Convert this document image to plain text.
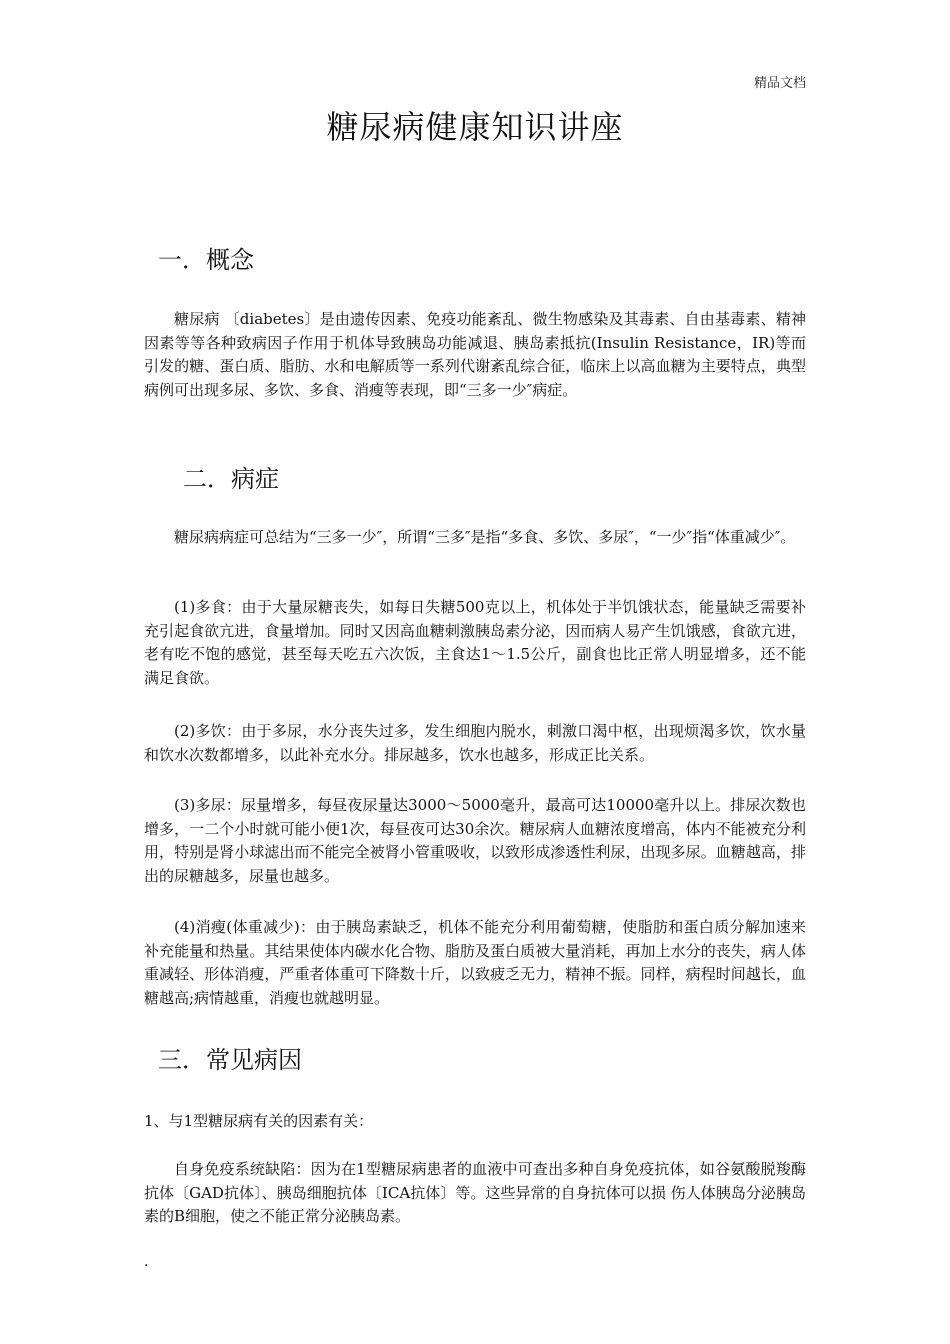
精品文档
糖尿病健康知识讲座
一．概念

糖尿病 〔diabetes〕是由遗传因素、免疫功能紊乱、微生物感染及其毒素、自由基毒素、精神因素等等各种致病因子作用于机体导致胰岛功能减退、胰岛素抵抗(Insulin Resistance，IR)等而引发的糖、蛋白质、脂肪、水和电解质等一系列代谢紊乱综合征，临床上以高血糖为主要特点，典型病例可出现多尿、多饮、多食、消瘦等表现，即“三多一少″病症。

二．病症

糖尿病病症可总结为“三多一少″，所谓“三多″是指“多食、多饮、多尿″，“一少″指“体重减少″。

(1)多食：由于大量尿糖丧失，如每日失糖500克以上，机体处于半饥饿状态，能量缺乏需要补充引起食欲亢进，食量增加。同时又因高血糖刺激胰岛素分泌，因而病人易产生饥饿感，食欲亢进，老有吃不饱的感觉，甚至每天吃五六次饭，主食达1～1.5公斤，副食也比正常人明显增多，还不能满足食欲。

(2)多饮：由于多尿，水分丧失过多，发生细胞内脱水，刺激口渴中枢，出现烦渴多饮，饮水量和饮水次数都增多，以此补充水分。排尿越多，饮水也越多，形成正比关系。

(3)多尿：尿量增多，每昼夜尿量达3000～5000毫升，最高可达10000毫升以上。排尿次数也增多，一二个小时就可能小便1次，每昼夜可达30余次。糖尿病人血糖浓度增高，体内不能被充分利用，特别是肾小球滤出而不能完全被肾小管重吸收，以致形成渗透性利尿，出现多尿。血糖越高，排出的尿糖越多，尿量也越多。

(4)消瘦(体重减少)：由于胰岛素缺乏，机体不能充分利用葡萄糖，使脂肪和蛋白质分解加速来补充能量和热量。其结果使体内碳水化合物、脂肪及蛋白质被大量消耗，再加上水分的丧失，病人体重减轻、形体消瘦，严重者体重可下降数十斤，以致疲乏无力，精神不振。同样，病程时间越长，血糖越高;病情越重，消瘦也就越明显。

三．常见病因

1、与1型糖尿病有关的因素有关：

自身免疫系统缺陷：因为在1型糖尿病患者的血液中可查出多种自身免疫抗体，如谷氨酸脱羧酶抗体〔GAD抗体〕、胰岛细胞抗体〔ICA抗体〕等。这些异常的自身抗体可以损 伤人体胰岛分泌胰岛素的B细胞，使之不能正常分泌胰岛素。

.
